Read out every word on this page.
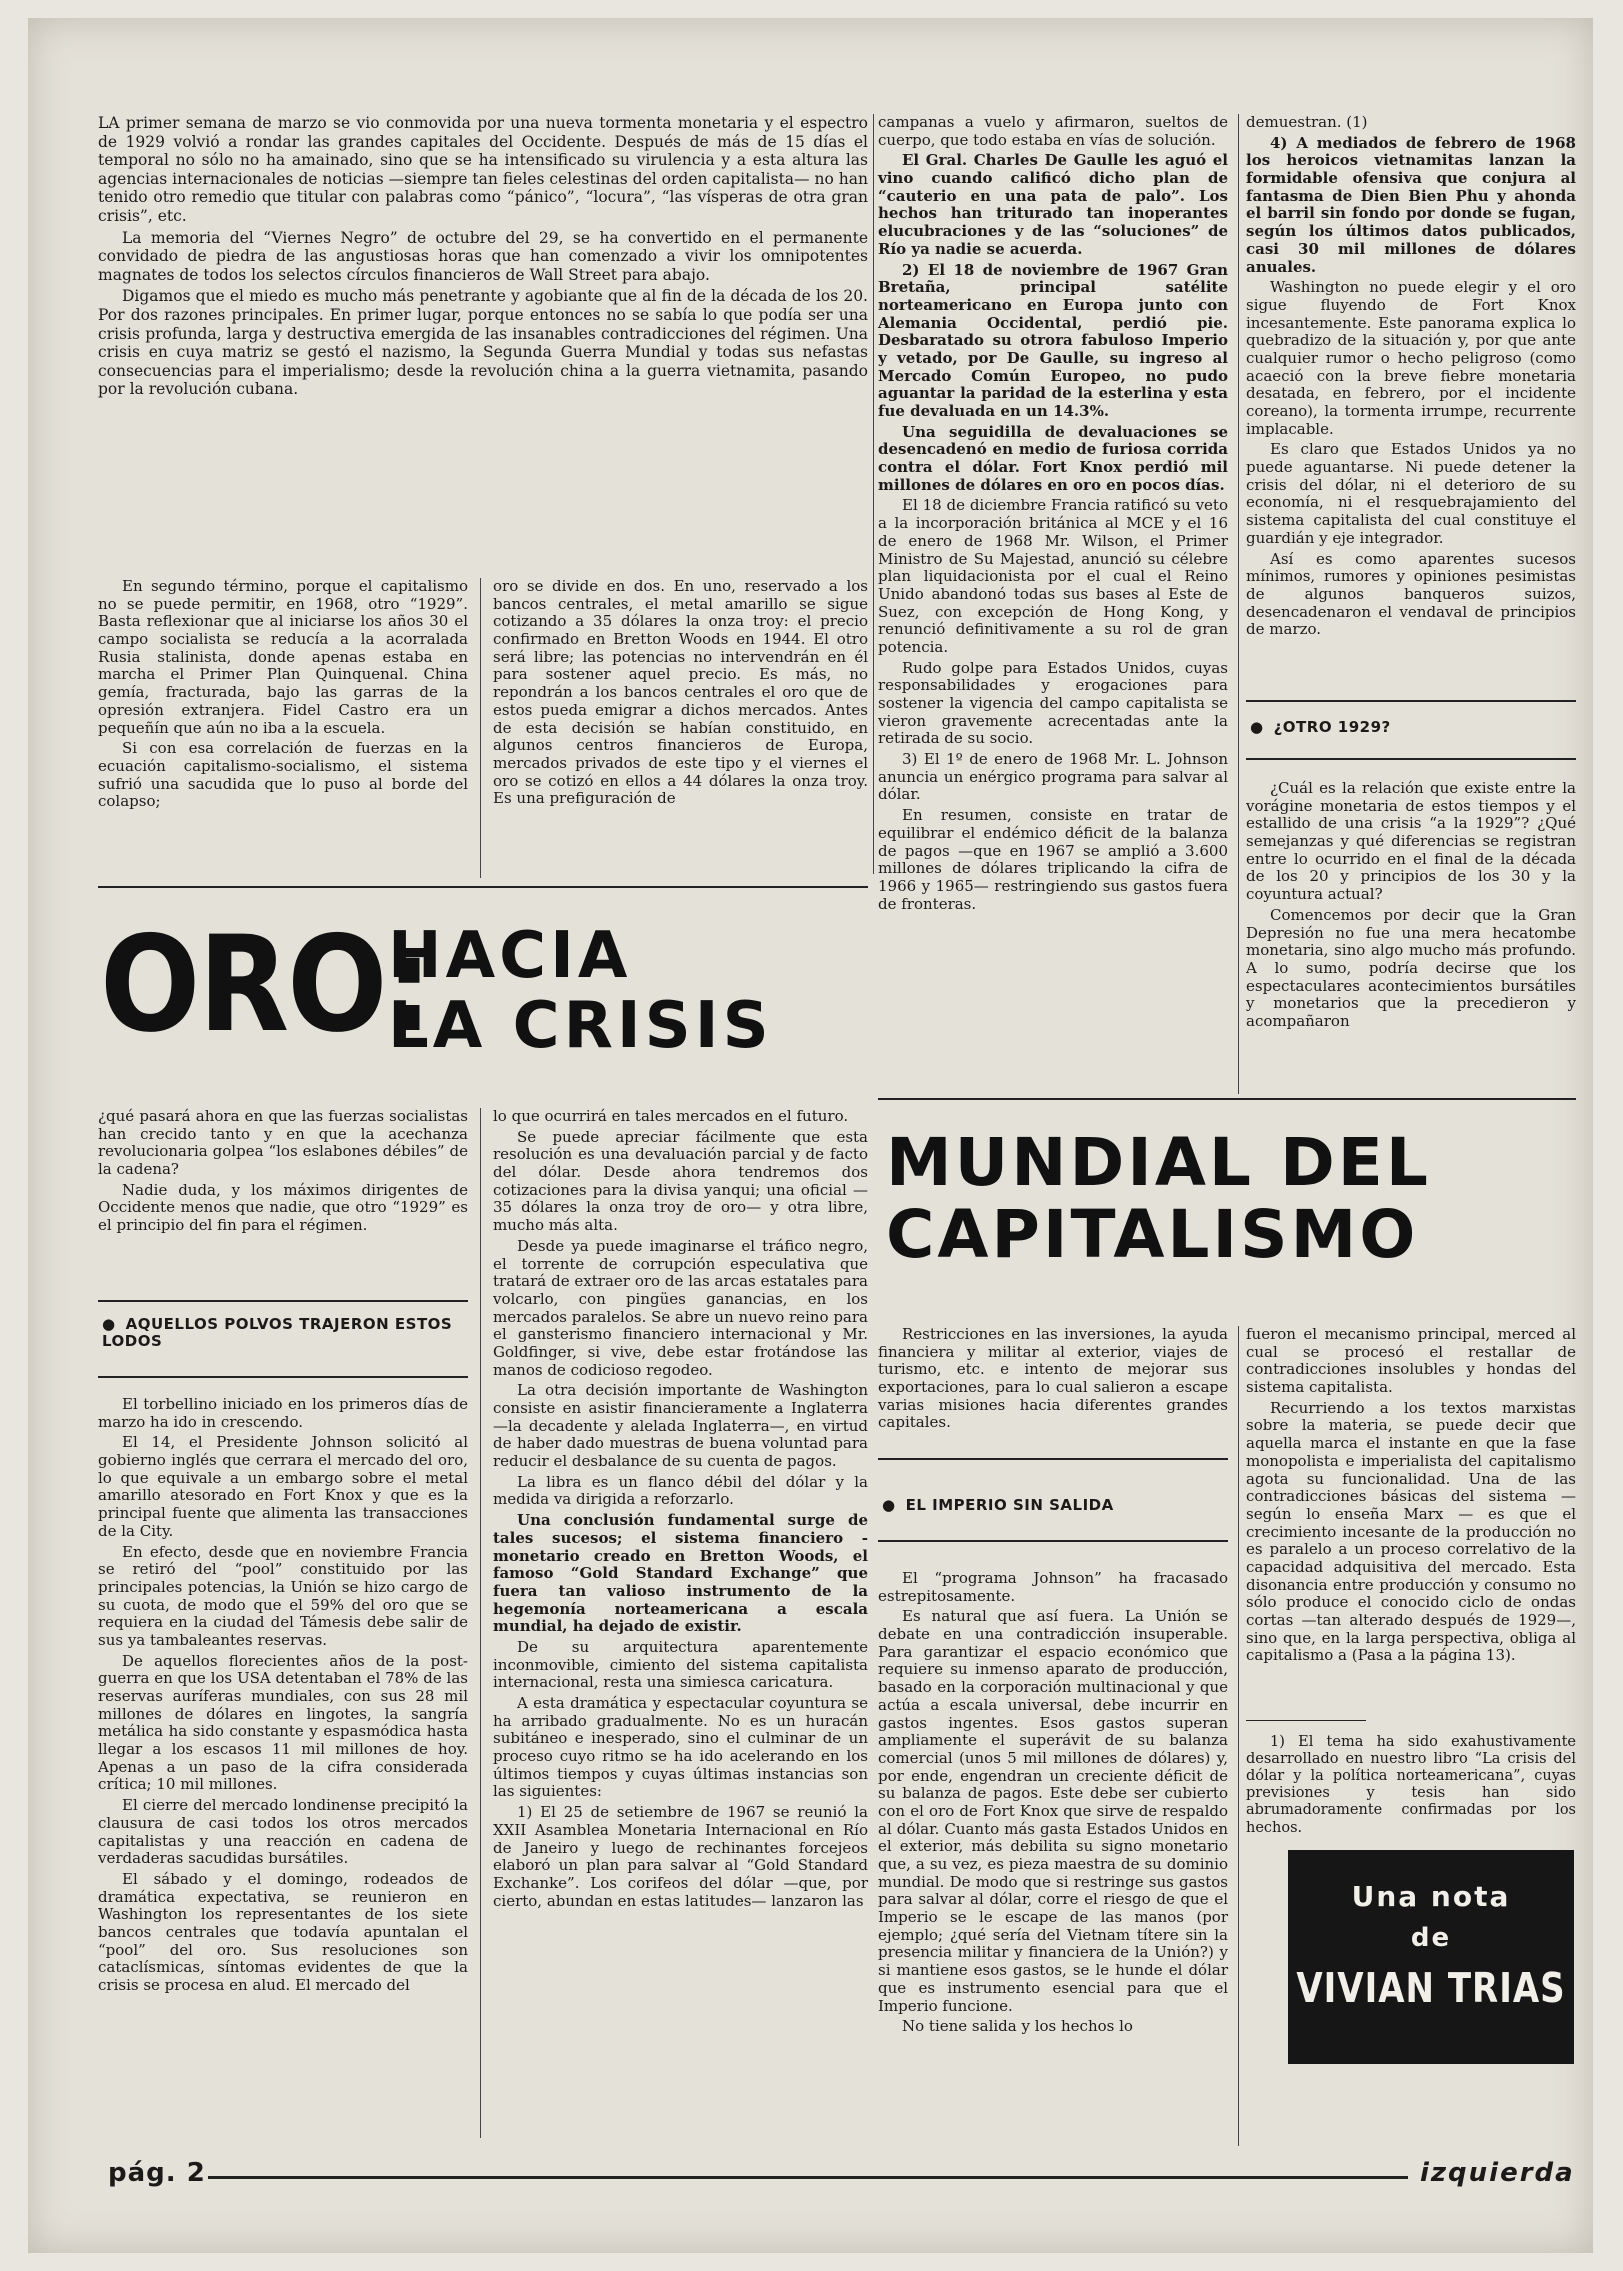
LA primer semana de marzo se vio conmovida por una nueva tormenta monetaria y el espectro de 1929 volvió a rondar las grandes capitales del Occidente. Después de más de 15 días el temporal no sólo no ha amainado, sino que se ha intensificado su virulencia y a esta altura las agencias internacionales de noticias —siempre tan fieles celestinas del orden capitalista— no han tenido otro remedio que titular con palabras como “pánico”, “locura”, “las vísperas de otra gran crisis”, etc.

La memoria del “Viernes Negro” de octubre del 29, se ha convertido en el permanente convidado de piedra de las angustiosas horas que han comenzado a vivir los omnipotentes magnates de todos los selectos círculos financieros de Wall Street para abajo.

Digamos que el miedo es mucho más penetrante y agobiante que al fin de la década de los 20. Por dos razones principales. En primer lugar, porque entonces no se sabía lo que podía ser una crisis profunda, larga y destructiva emergida de las insanables contradicciones del régimen. Una crisis en cuya matriz se gestó el nazismo, la Segunda Guerra Mundial y todas sus nefastas consecuencias para el imperialismo; desde la revolución china a la guerra vietnamita, pasando por la revolución cubana.

En segundo término, porque el capitalismo no se puede permitir, en 1968, otro “1929”. Basta reflexionar que al iniciarse los años 30 el campo socialista se reducía a la acorralada Rusia stalinista, donde apenas estaba en marcha el Primer Plan Quinquenal. China gemía, fracturada, bajo las garras de la opresión extranjera. Fidel Castro era un pequeñín que aún no iba a la escuela.

Si con esa correlación de fuerzas en la ecuación capitalismo-socialismo, el sistema sufrió una sacudida que lo puso al borde del colapso;

oro se divide en dos. En uno, reservado a los bancos centrales, el metal amarillo se sigue cotizando a 35 dólares la onza troy: el precio confirmado en Bretton Woods en 1944. El otro será libre; las potencias no intervendrán en él para sostener aquel precio. Es más, no repondrán a los bancos centrales el oro que de estos pueda emigrar a dichos mercados. Antes de esta decisión se habían constituido, en algunos centros financieros de Europa, mercados privados de este tipo y el viernes el oro se cotizó en ellos a 44 dólares la onza troy. Es una prefiguración de

campanas a vuelo y afirmaron, sueltos de cuerpo, que todo estaba en vías de solución.

El Gral. Charles De Gaulle les aguó el vino cuando calificó dicho plan de “cauterio en una pata de palo”. Los hechos han triturado tan inoperantes elucubraciones y de las “soluciones” de Río ya nadie se acuerda.

2) El 18 de noviembre de 1967 Gran Bretaña, principal satélite norteamericano en Europa junto con Alemania Occidental, perdió pie. Desbaratado su otrora fabuloso Imperio y vetado, por De Gaulle, su ingreso al Mercado Común Europeo, no pudo aguantar la paridad de la esterlina y esta fue devaluada en un 14.3%.

Una seguidilla de devaluaciones se desencadenó en medio de furiosa corrida contra el dólar. Fort Knox perdió mil millones de dólares en oro en pocos días.

El 18 de diciembre Francia ratificó su veto a la incorporación británica al MCE y el 16 de enero de 1968 Mr. Wilson, el Primer Ministro de Su Majestad, anunció su célebre plan liquidacionista por el cual el Reino Unido abandonó todas sus bases al Este de Suez, con excepción de Hong Kong, y renunció definitivamente a su rol de gran potencia.

Rudo golpe para Estados Unidos, cuyas responsabilidades y erogaciones para sostener la vigencia del campo capitalista se vieron gravemente acrecentadas ante la retirada de su socio.

3) El 1º de enero de 1968 Mr. L. Johnson anuncia un enérgico programa para salvar al dólar.

En resumen, consiste en tratar de equilibrar el endémico déficit de la balanza de pagos —que en 1967 se amplió a 3.600 millones de dólares triplicando la cifra de 1966 y 1965— restringiendo sus gastos fuera de fronteras.

demuestran. (1)

4) A mediados de febrero de 1968 los heroicos vietnamitas lanzan la formidable ofensiva que conjura al fantasma de Dien Bien Phu y ahonda el barril sin fondo por donde se fugan, según los últimos datos publicados, casi 30 mil millones de dólares anuales.

Washington no puede elegir y el oro sigue fluyendo de Fort Knox incesantemente. Este panorama explica lo quebradizo de la situación y, por que ante cualquier rumor o hecho peligroso (como acaeció con la breve fiebre monetaria desatada, en febrero, por el incidente coreano), la tormenta irrumpe, recurrente implacable.

Es claro que Estados Unidos ya no puede aguantarse. Ni puede detener la crisis del dólar, ni el deterioro de su economía, ni el resquebrajamiento del sistema capitalista del cual constituye el guardián y eje integrador.

Así es como aparentes sucesos mínimos, rumores y opiniones pesimistas de algunos banqueros suizos, desencadenaron el vendaval de principios de marzo.

● ¿OTRO 1929?

¿Cuál es la relación que existe entre la vorágine monetaria de estos tiempos y el estallido de una crisis “a la 1929”? ¿Qué semejanzas y qué diferencias se registran entre lo ocurrido en el final de la década de los 20 y principios de los 30 y la coyuntura actual?

Comencemos por decir que la Gran Depresión no fue una mera hecatombe monetaria, sino algo mucho más profundo. A lo sumo, podría decirse que los espectaculares acontecimientos bursátiles y monetarios que la precedieron y acompañaron

ORO:
HACIA
LA CRISIS

¿qué pasará ahora en que las fuerzas socialistas han crecido tanto y en que la acechanza revolucionaria golpea “los eslabones débiles” de la cadena?

Nadie duda, y los máximos dirigentes de Occidente menos que nadie, que otro “1929” es el principio del fin para el régimen.

● AQUELLOS POLVOS TRAJERON ESTOS LODOS

El torbellino iniciado en los primeros días de marzo ha ido in crescendo.

El 14, el Presidente Johnson solicitó al gobierno inglés que cerrara el mercado del oro, lo que equivale a un embargo sobre el metal amarillo atesorado en Fort Knox y que es la principal fuente que alimenta las transacciones de la City.

En efecto, desde que en noviembre Francia se retiró del “pool” constituido por las principales potencias, la Unión se hizo cargo de su cuota, de modo que el 59% del oro que se requiera en la ciudad del Támesis debe salir de sus ya tambaleantes reservas.

De aquellos florecientes años de la post-guerra en que los USA detentaban el 78% de las reservas auríferas mundiales, con sus 28 mil millones de dólares en lingotes, la sangría metálica ha sido constante y espasmódica hasta llegar a los escasos 11 mil millones de hoy. Apenas a un paso de la cifra considerada crítica; 10 mil millones.

El cierre del mercado londinense precipitó la clausura de casi todos los otros mercados capitalistas y una reacción en cadena de verdaderas sacudidas bursátiles.

El sábado y el domingo, rodeados de dramática expectativa, se reunieron en Washington los representantes de los siete bancos centrales que todavía apuntalan el “pool” del oro. Sus resoluciones son cataclísmicas, síntomas evidentes de que la crisis se procesa en alud. El mercado del

lo que ocurrirá en tales mercados en el futuro.

Se puede apreciar fácilmente que esta resolución es una devaluación parcial y de facto del dólar. Desde ahora tendremos dos cotizaciones para la divisa yanqui; una oficial — 35 dólares la onza troy de oro— y otra libre, mucho más alta.

Desde ya puede imaginarse el tráfico negro, el torrente de corrupción especulativa que tratará de extraer oro de las arcas estatales para volcarlo, con pingües ganancias, en los mercados paralelos. Se abre un nuevo reino para el gansterismo financiero internacional y Mr. Goldfinger, si vive, debe estar frotándose las manos de codicioso regodeo.

La otra decisión importante de Washington consiste en asistir financieramente a Inglaterra —la decadente y alelada Inglaterra—, en virtud de haber dado muestras de buena voluntad para reducir el desbalance de su cuenta de pagos.

La libra es un flanco débil del dólar y la medida va dirigida a reforzarlo.

Una conclusión fundamental surge de tales sucesos; el sistema financiero - monetario creado en Bretton Woods, el famoso “Gold Standard Exchange” que fuera tan valioso instrumento de la hegemonía norteamericana a escala mundial, ha dejado de existir.

De su arquitectura aparentemente inconmovible, cimiento del sistema capitalista internacional, resta una simiesca caricatura.

A esta dramática y espectacular coyuntura se ha arribado gradualmente. No es un huracán subitáneo e inesperado, sino el culminar de un proceso cuyo ritmo se ha ido acelerando en los últimos tiempos y cuyas últimas instancias son las siguientes:

1) El 25 de setiembre de 1967 se reunió la XXII Asamblea Monetaria Internacional en Río de Janeiro y luego de rechinantes forcejeos elaboró un plan para salvar al “Gold Standard Exchanke”. Los corifeos del dólar —que, por cierto, abundan en estas latitudes— lanzaron las

MUNDIAL DEL
CAPITALISMO

Restricciones en las inversiones, la ayuda financiera y militar al exterior, viajes de turismo, etc. e intento de mejorar sus exportaciones, para lo cual salieron a escape varias misiones hacia diferentes grandes capitales.

● EL IMPERIO SIN SALIDA

El “programa Johnson” ha fracasado estrepitosamente.

Es natural que así fuera. La Unión se debate en una contradicción insuperable. Para garantizar el espacio económico que requiere su inmenso aparato de producción, basado en la corporación multinacional y que actúa a escala universal, debe incurrir en gastos ingentes. Esos gastos superan ampliamente el superávit de su balanza comercial (unos 5 mil millones de dólares) y, por ende, engendran un creciente déficit de su balanza de pagos. Este debe ser cubierto con el oro de Fort Knox que sirve de respaldo al dólar. Cuanto más gasta Estados Unidos en el exterior, más debilita su signo monetario que, a su vez, es pieza maestra de su dominio mundial. De modo que si restringe sus gastos para salvar al dólar, corre el riesgo de que el Imperio se le escape de las manos (por ejemplo; ¿qué sería del Vietnam títere sin la presencia militar y financiera de la Unión?) y si mantiene esos gastos, se le hunde el dólar que es instrumento esencial para que el Imperio funcione.

No tiene salida y los hechos lo

fueron el mecanismo principal, merced al cual se procesó el restallar de contradicciones insolubles y hondas del sistema capitalista.

Recurriendo a los textos marxistas sobre la materia, se puede decir que aquella marca el instante en que la fase monopolista e imperialista del capitalismo agota su funcionalidad. Una de las contradicciones básicas del sistema —según lo enseña Marx — es que el crecimiento incesante de la producción no es paralelo a un proceso correlativo de la capacidad adquisitiva del mercado. Esta disonancia entre producción y consumo no sólo produce el conocido ciclo de ondas cortas —tan alterado después de 1929—, sino que, en la larga perspectiva, obliga al capitalismo a (Pasa a la página 13).

1) El tema ha sido exahustivamente desarrollado en nuestro libro “La crisis del dólar y la política norteamericana”, cuyas previsiones y tesis han sido abrumadoramente confirmadas por los hechos.

Una nota
de
VIVIAN TRIAS
pág. 2	izquierda
